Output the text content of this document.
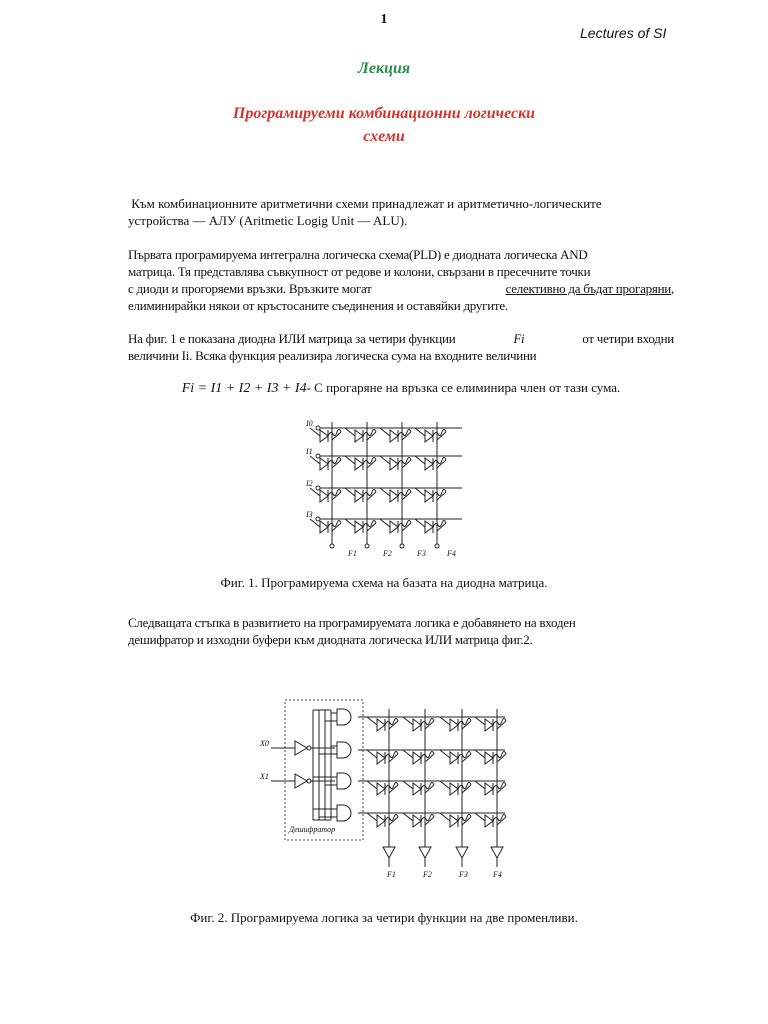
1
Lectures of SI
Лекция
Програмируеми комбинационни логически
схеми
Към комбинационните аритметични схеми принадлежат и аритметично-логическите
устройства — АЛУ (Aritmetic Logig Unit — ALU).
Първата програмируема интегрална логическа схема(PLD) е диодната логическа AND
матрица. Тя представлява съвкупност от редове и колони, свързани в пресечните точки
с диоди и прогоряеми връзки. Връзките могат	селективно да бъдат прогаряни,
елиминирайки някои от кръстосаните съединения и оставяйки другите.
На фиг. 1 е показана диодна ИЛИ матрица за четири функции	Fi	от четири входни
величини Ii. Всяка функция реализира логическа сума на входните величини
Fi = I1 + I2 + I3 + I4- С прогаряне на връзка се елиминира член от тази сума.
I0
I1
I2
I3
F1	F2	F3	F4
Фиг. 1. Програмируема схема на базата на диодна матрица.
Следващата стъпка в развитието на програмируемата логика е добавянето на входен
дешифратор и изходни буфери към диодната логическа ИЛИ матрица фиг.2.
X0
X1
Дешифратор
F1	F2	F3	F4
Фиг. 2. Програмируема логика за четири функции на две променливи.
